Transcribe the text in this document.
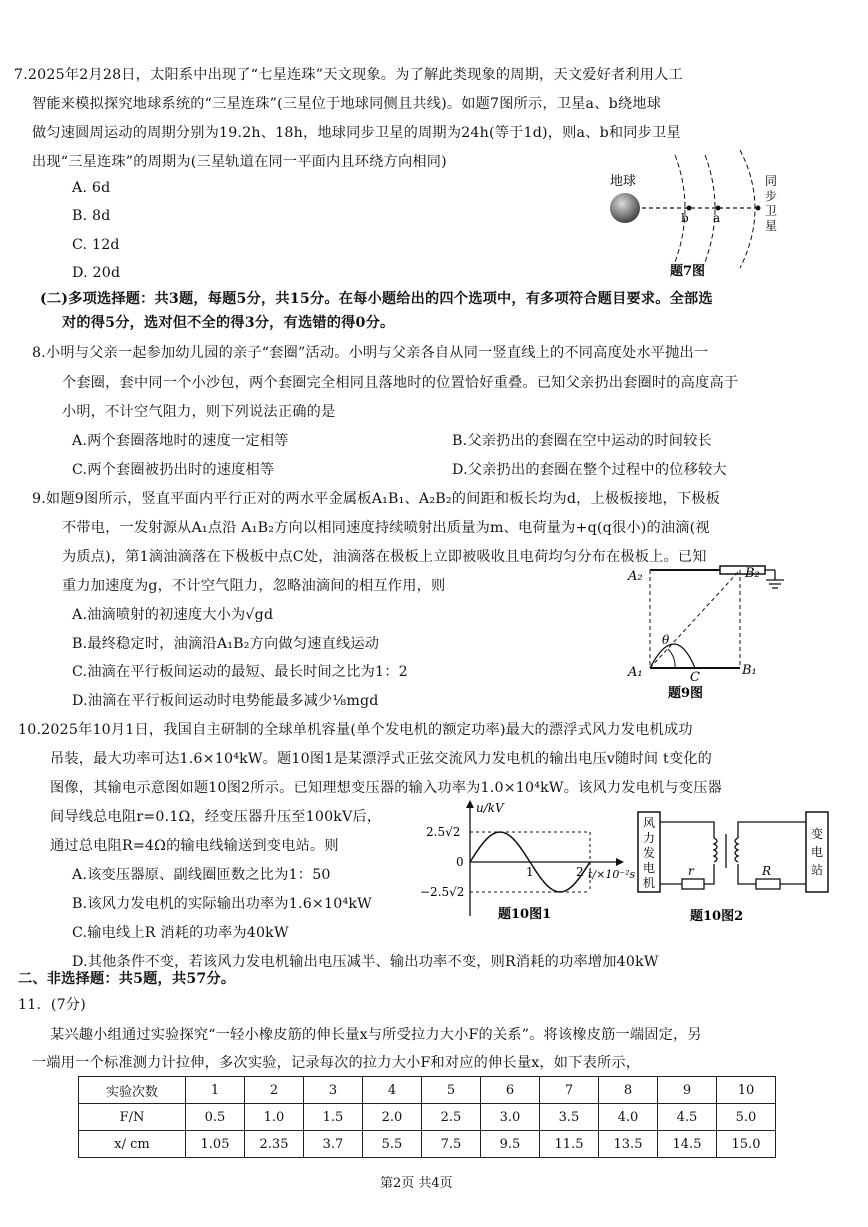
7.2025年2月28日，太阳系中出现了“七星连珠”天文现象。为了解此类现象的周期，天文爱好者利用人工
智能来模拟探究地球系统的“三星连珠”(三星位于地球同侧且共线)。如题7图所示，卫星a、b绕地球
做匀速圆周运动的周期分别为19.2h、18h，地球同步卫星的周期为24h(等于1d)，则a、b和同步卫星
出现“三星连珠”的周期为(三星轨道在同一平面内且环绕方向相同)
A. 6d
B. 8d
C. 12d
D. 20d
地球
b a
同
步
卫
星
题7图
(二)多项选择题：共3题，每题5分，共15分。在每小题给出的四个选项中，有多项符合题目要求。全部选
对的得5分，选对但不全的得3分，有选错的得0分。
8.小明与父亲一起参加幼儿园的亲子“套圈”活动。小明与父亲各自从同一竖直线上的不同高度处水平抛出一
个套圈，套中同一个小沙包，两个套圈完全相同且落地时的位置恰好重叠。已知父亲扔出套圈时的高度高于
小明，不计空气阻力，则下列说法正确的是
A.两个套圈落地时的速度一定相等	B.父亲扔出的套圈在空中运动的时间较长
C.两个套圈被扔出时的速度相等	D.父亲扔出的套圈在整个过程中的位移较大
9.如题9图所示，竖直平面内平行正对的两水平金属板A₁B₁、A₂B₂的间距和板长均为d，上极板接地，下极板
不带电，一发射源从A₁点沿 A₁B₂方向以相同速度持续喷射出质量为m、电荷量为+q(q很小)的油滴(视
为质点)，第1滴油滴落在下极板中点C处，油滴落在极板上立即被吸收且电荷均匀分布在极板上。已知
重力加速度为g，不计空气阻力，忽略油滴间的相互作用，则
A.油滴喷射的初速度大小为√gd
B.最终稳定时，油滴沿A₁B₂方向做匀速直线运动
C.油滴在平行板间运动的最短、最长时间之比为1：2
D.油滴在平行板间运动时电势能最多减少⅛mgd
A₂	B₂
A₁	B₁
C
θ
题9图
10.2025年10月1日，我国自主研制的全球单机容量(单个发电机的额定功率)最大的漂浮式风力发电机成功
吊装，最大功率可达1.6×10⁴kW。题10图1是某漂浮式正弦交流风力发电机的输出电压v随时间 t变化的
图像，其输电示意图如题10图2所示。已知理想变压器的输入功率为1.0×10⁴kW。该风力发电机与变压器
间导线总电阻r=0.1Ω，经变压器升压至100kV后，
通过总电阻R=4Ω的输电线输送到变电站。则
A.该变压器原、副线圈匝数之比为1：50
B.该风力发电机的实际输出功率为1.6×10⁴kW
C.输电线上R 消耗的功率为40kW
D.其他条件不变，若该风力发电机输出电压减半、输出功率不变，则R消耗的功率增加40kW
u/kV
2.5√2
0
−2.5√2
1	2 t/×10⁻²s
题10图1
风
力
发
电
机
变
电
站
r	R
题10图2
二、非选择题：共5题，共57分。
11．(7分)
某兴趣小组通过实验探究“一轻小橡皮筋的伸长量x与所受拉力大小F的关系”。将该橡皮筋一端固定，另
一端用一个标准测力计拉伸，多次实验，记录每次的拉力大小F和对应的伸长量x，如下表所示，
实验次数	1	2	3	4	5	6	7	8	9	10
F/N	0.5	1.0	1.5	2.0	2.5	3.0	3.5	4.0	4.5	5.0
x/ cm	1.05	2.35	3.7	5.5	7.5	9.5	11.5	13.5	14.5	15.0
第2页 共4页
